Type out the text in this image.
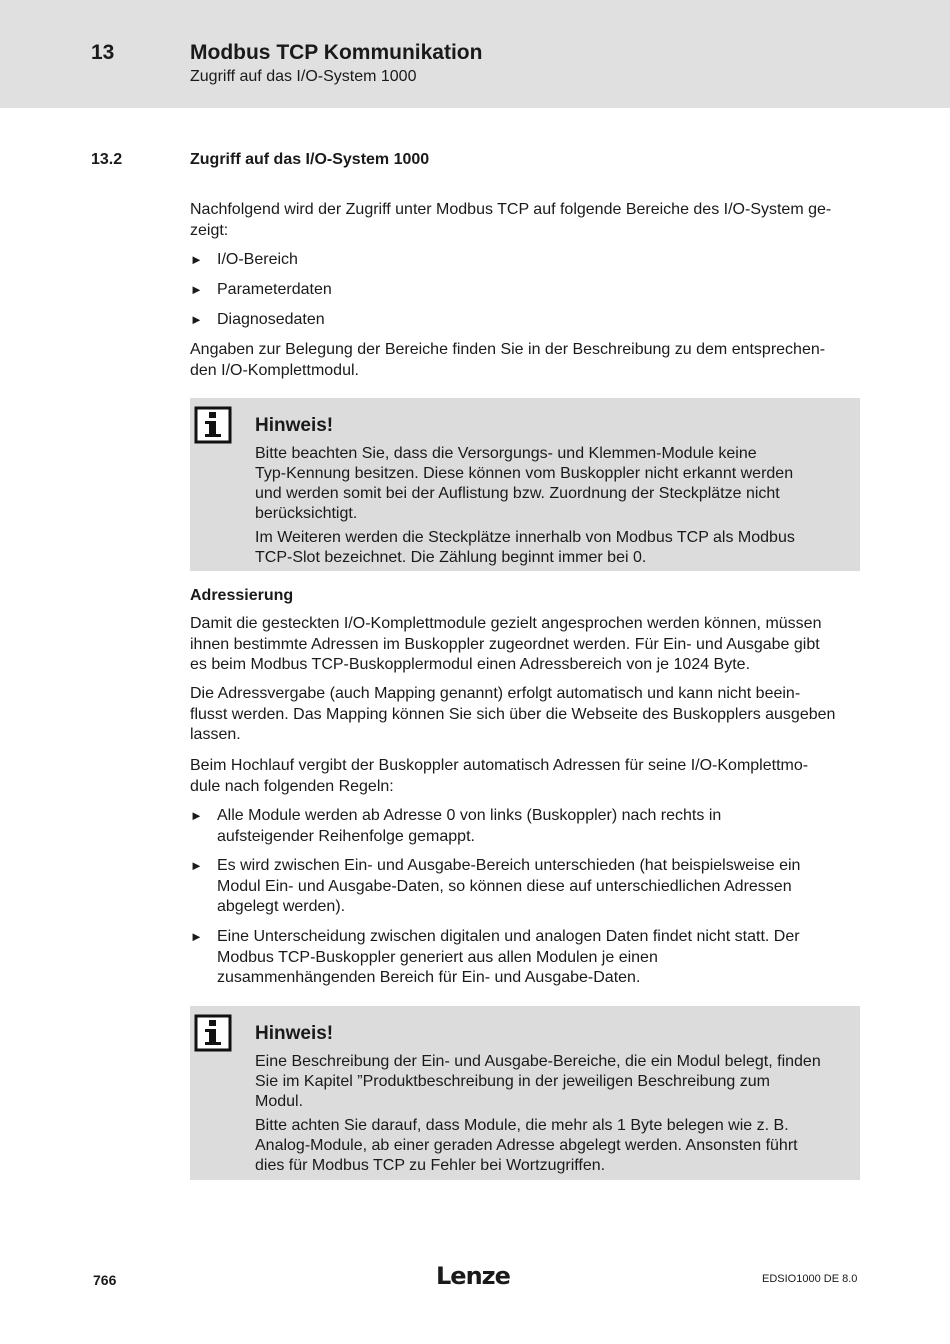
13	Modbus TCP Kommunikation
Zugriff auf das I/O-System 1000
13.2	Zugriff auf das I/O-System 1000
Nachfolgend wird der Zugriff unter Modbus TCP auf folgende Bereiche des I/O-System ge-
zeigt:
► I/O-Bereich
► Parameterdaten
► Diagnosedaten
Angaben zur Belegung der Bereiche finden Sie in der Beschreibung zu dem entsprechen-
den I/O-Komplettmodul.
Hinweis!
Bitte beachten Sie, dass die Versorgungs- und Klemmen-Module keine
Typ-Kennung besitzen. Diese können vom Buskoppler nicht erkannt werden
und werden somit bei der Auflistung bzw. Zuordnung der Steckplätze nicht
berücksichtigt.
Im Weiteren werden die Steckplätze innerhalb von Modbus TCP als Modbus
TCP-Slot bezeichnet. Die Zählung beginnt immer bei 0.
Adressierung
Damit die gesteckten I/O-Komplettmodule gezielt angesprochen werden können, müssen
ihnen bestimmte Adressen im Buskoppler zugeordnet werden. Für Ein- und Ausgabe gibt
es beim Modbus TCP-Buskopplermodul einen Adressbereich von je 1024 Byte.
Die Adressvergabe (auch Mapping genannt) erfolgt automatisch und kann nicht beein-
flusst werden. Das Mapping können Sie sich über die Webseite des Buskopplers ausgeben
lassen.
Beim Hochlauf vergibt der Buskoppler automatisch Adressen für seine I/O-Komplettmo-
dule nach folgenden Regeln:
► Alle Module werden ab Adresse 0 von links (Buskoppler) nach rechts in
aufsteigender Reihenfolge gemappt.
► Es wird zwischen Ein- und Ausgabe-Bereich unterschieden (hat beispielsweise ein
Modul Ein- und Ausgabe-Daten, so können diese auf unterschiedlichen Adressen
abgelegt werden).
► Eine Unterscheidung zwischen digitalen und analogen Daten findet nicht statt. Der
Modbus TCP-Buskoppler generiert aus allen Modulen je einen
zusammenhängenden Bereich für Ein- und Ausgabe-Daten.
Hinweis!
Eine Beschreibung der Ein- und Ausgabe-Bereiche, die ein Modul belegt, finden
Sie im Kapitel ”Produktbeschreibung in der jeweiligen Beschreibung zum
Modul.
Bitte achten Sie darauf, dass Module, die mehr als 1 Byte belegen wie z. B.
Analog-Module, ab einer geraden Adresse abgelegt werden. Ansonsten führt
dies für Modbus TCP zu Fehler bei Wortzugriffen.
766	Lenze	EDSIO1000 DE 8.0
